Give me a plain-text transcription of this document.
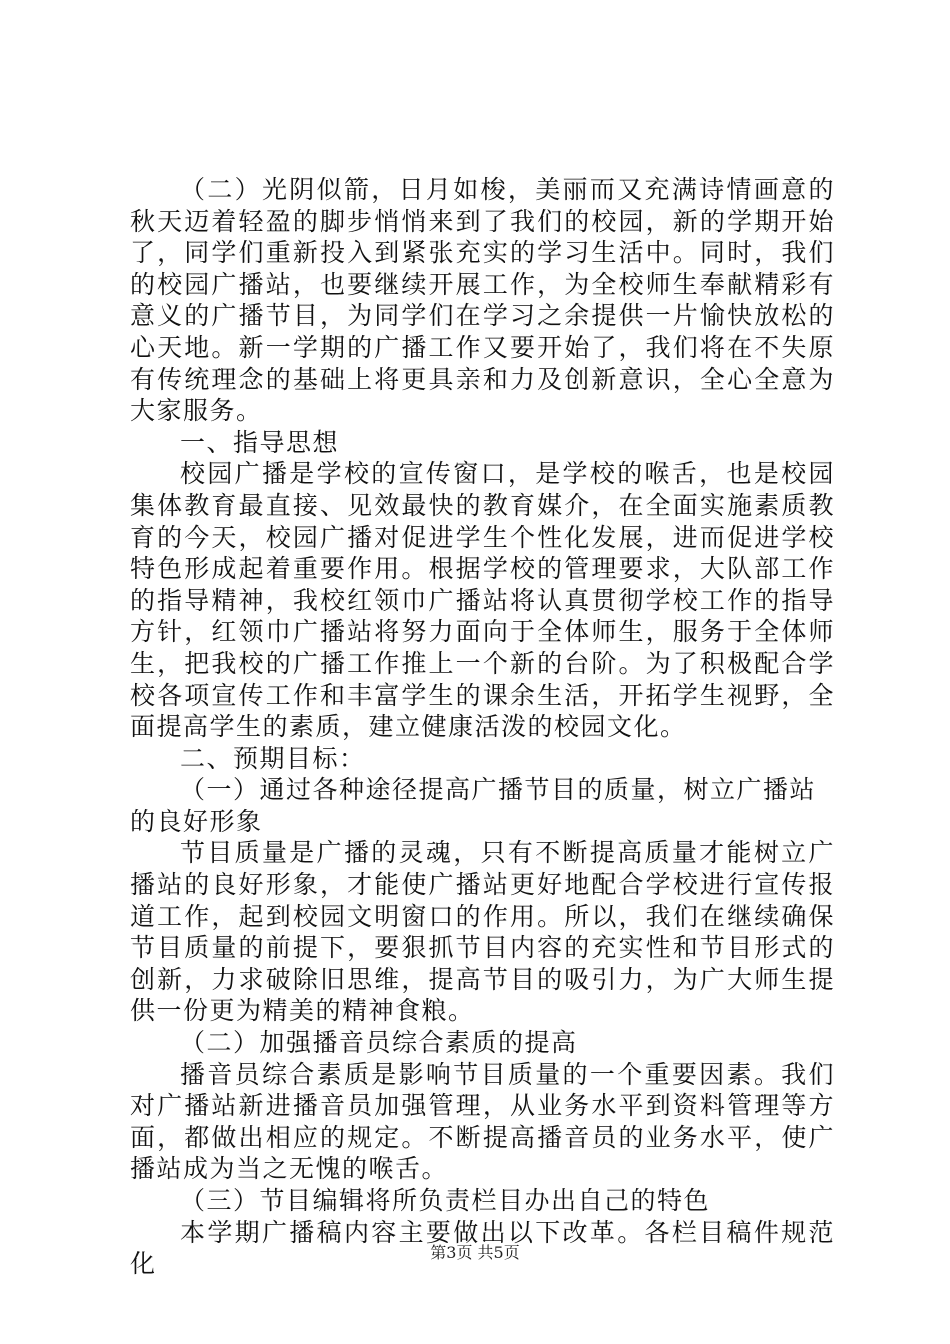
（二）光阴似箭，日月如梭，美丽而又充满诗情画意的秋天迈着轻盈的脚步悄悄来到了我们的校园，新的学期开始了，同学们重新投入到紧张充实的学习生活中。同时，我们的校园广播站，也要继续开展工作，为全校师生奉献精彩有意义的广播节目，为同学们在学习之余提供一片愉快放松的心天地。新一学期的广播工作又要开始了，我们将在不失原有传统理念的基础上将更具亲和力及创新意识，全心全意为大家服务。

一、指导思想

校园广播是学校的宣传窗口，是学校的喉舌，也是校园集体教育最直接、见效最快的教育媒介，在全面实施素质教育的今天，校园广播对促进学生个性化发展，进而促进学校特色形成起着重要作用。根据学校的管理要求，大队部工作的指导精神，我校红领巾广播站将认真贯彻学校工作的指导方针，红领巾广播站将努力面向于全体师生，服务于全体师生，把我校的广播工作推上一个新的台阶。为了积极配合学校各项宣传工作和丰富学生的课余生活，开拓学生视野，全面提高学生的素质，建立健康活泼的校园文化。

二、预期目标：

（一）通过各种途径提高广播节目的质量，树立广播站的良好形象

节目质量是广播的灵魂，只有不断提高质量才能树立广播站的良好形象，才能使广播站更好地配合学校进行宣传报道工作，起到校园文明窗口的作用。所以，我们在继续确保节目质量的前提下，要狠抓节目内容的充实性和节目形式的创新，力求破除旧思维，提高节目的吸引力，为广大师生提供一份更为精美的精神食粮。

（二）加强播音员综合素质的提高

播音员综合素质是影响节目质量的一个重要因素。我们对广播站新进播音员加强管理，从业务水平到资料管理等方面，都做出相应的规定。不断提高播音员的业务水平，使广播站成为当之无愧的喉舌。

（三）节目编辑将所负责栏目办出自己的特色

本学期广播稿内容主要做出以下改革。各栏目稿件规范化	第3页 共5页
